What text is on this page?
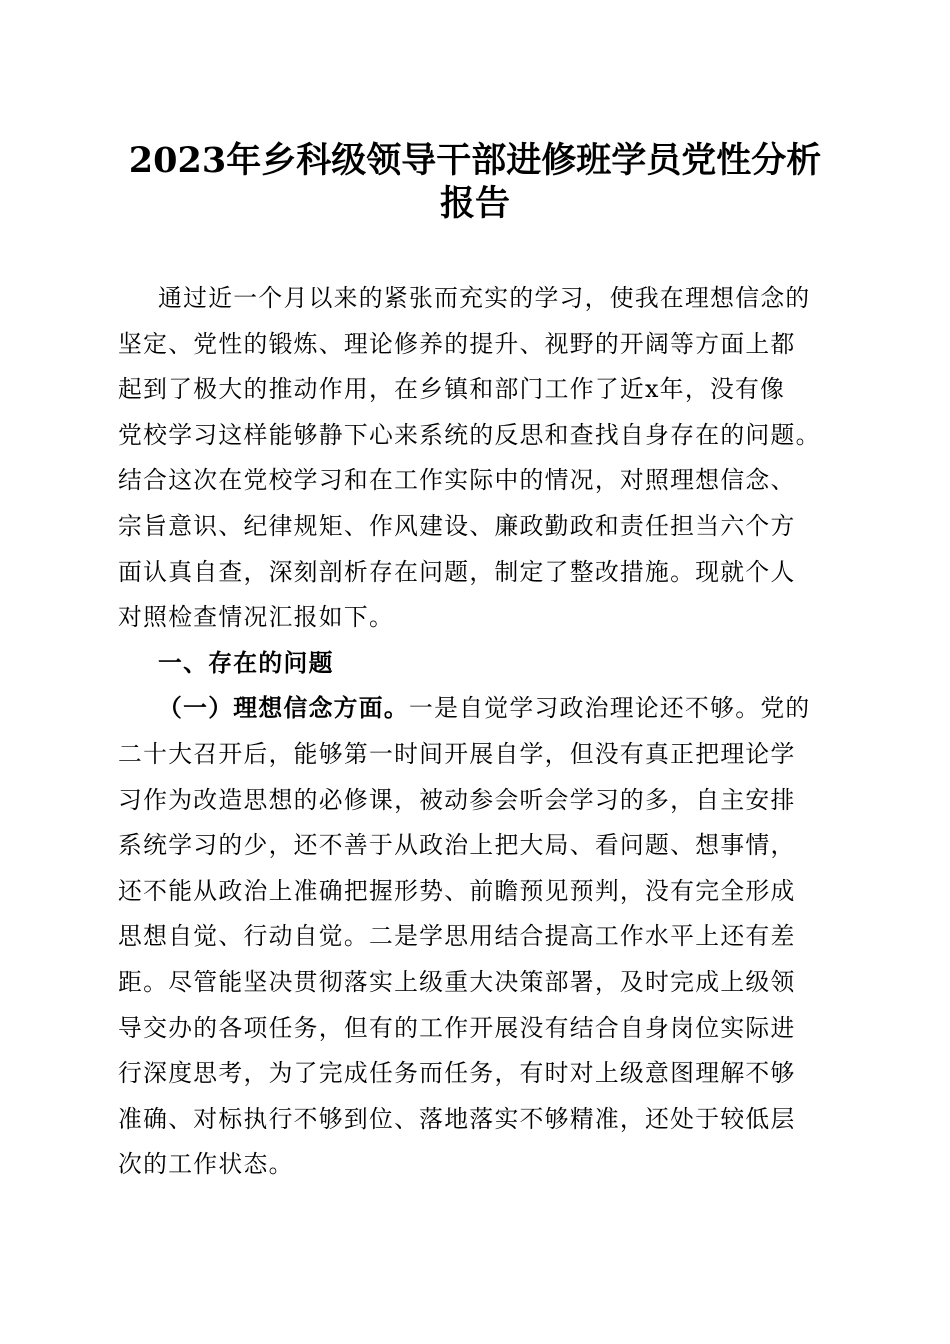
2023年乡科级领导干部进修班学员党性分析
报告
通过近一个月以来的紧张而充实的学习，使我在理想信念的
坚定、党性的锻炼、理论修养的提升、视野的开阔等方面上都
起到了极大的推动作用，在乡镇和部门工作了近x年，没有像
党校学习这样能够静下心来系统的反思和查找自身存在的问题。
结合这次在党校学习和在工作实际中的情况，对照理想信念、
宗旨意识、纪律规矩、作风建设、廉政勤政和责任担当六个方
面认真自查，深刻剖析存在问题，制定了整改措施。现就个人
对照检查情况汇报如下。
一、存在的问题
（一）理想信念方面。一是自觉学习政治理论还不够。党的
二十大召开后，能够第一时间开展自学，但没有真正把理论学
习作为改造思想的必修课，被动参会听会学习的多，自主安排
系统学习的少，还不善于从政治上把大局、看问题、想事情，
还不能从政治上准确把握形势、前瞻预见预判，没有完全形成
思想自觉、行动自觉。二是学思用结合提高工作水平上还有差
距。尽管能坚决贯彻落实上级重大决策部署，及时完成上级领
导交办的各项任务，但有的工作开展没有结合自身岗位实际进
行深度思考，为了完成任务而任务，有时对上级意图理解不够
准确、对标执行不够到位、落地落实不够精准，还处于较低层
次的工作状态。
